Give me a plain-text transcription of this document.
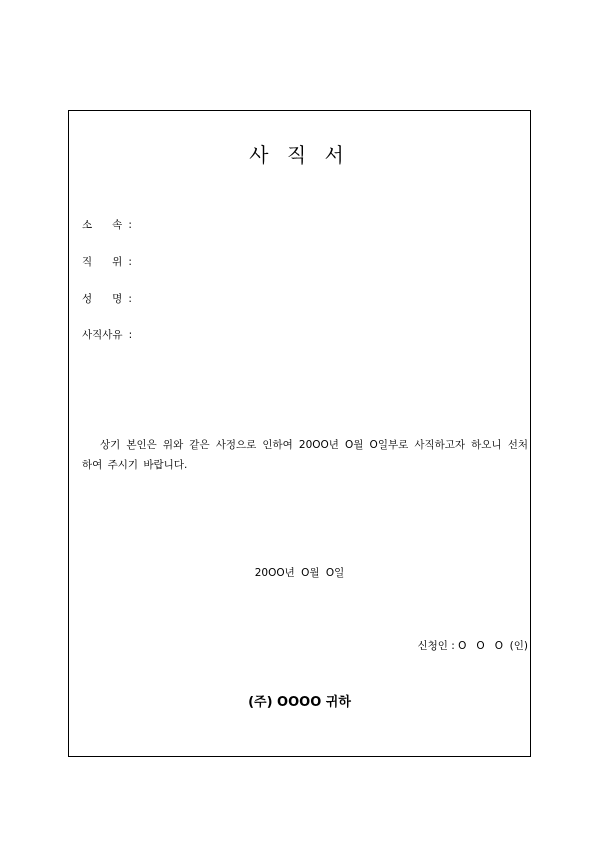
사 직 서
소      속 :
직      위 :
성      명 :
사직사유 :

상기 본인은 위와 같은 사정으로 인하여 20OO년 O월 O일부로 사직하고자 하오니 선처하여 주시기 바랍니다.

20OO년 O월 O일
신청인 : O   O   O  (인)
(주) OOOO 귀하
